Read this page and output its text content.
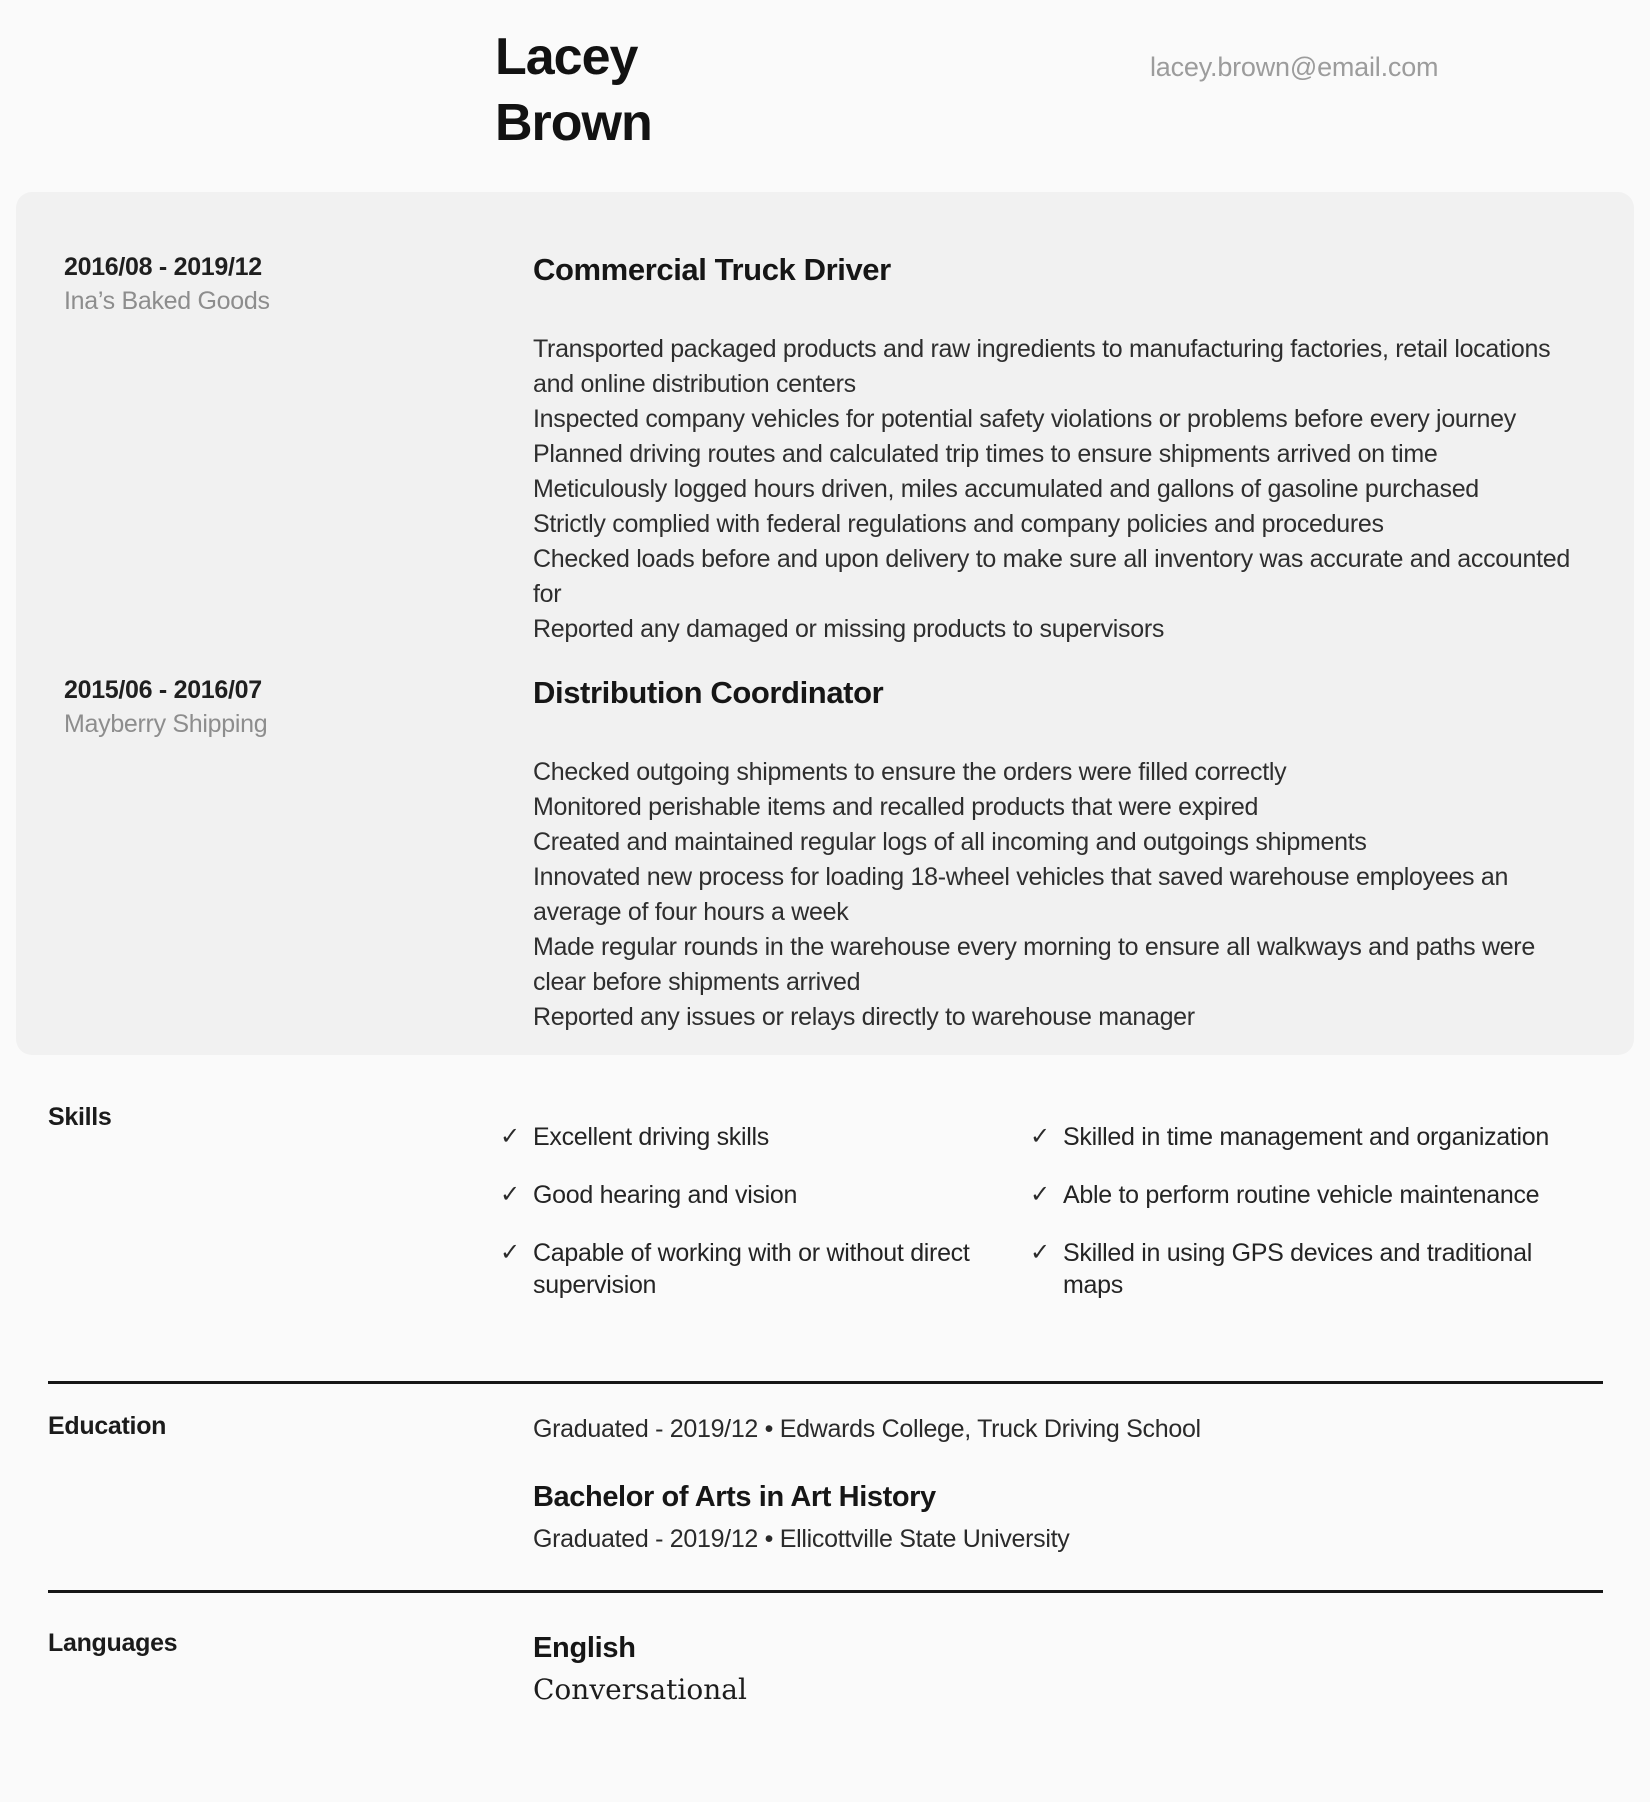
Lacey
Brown
lacey.brown@email.com
2016/08 - 2019/12
Ina’s Baked Goods
Commercial Truck Driver
Transported packaged products and raw ingredients to manufacturing factories, retail locations and online distribution centers
Inspected company vehicles for potential safety violations or problems before every journey
Planned driving routes and calculated trip times to ensure shipments arrived on time
Meticulously logged hours driven, miles accumulated and gallons of gasoline purchased
Strictly complied with federal regulations and company policies and procedures
Checked loads before and upon delivery to make sure all inventory was accurate and accounted for
Reported any damaged or missing products to supervisors
2015/06 - 2016/07
Mayberry Shipping
Distribution Coordinator
Checked outgoing shipments to ensure the orders were filled correctly
Monitored perishable items and recalled products that were expired
Created and maintained regular logs of all incoming and outgoings shipments
Innovated new process for loading 18-wheel vehicles that saved warehouse employees an average of four hours a week
Made regular rounds in the warehouse every morning to ensure all walkways and paths were clear before shipments arrived
Reported any issues or relays directly to warehouse manager
Skills
✓ Excellent driving skills
✓ Good hearing and vision
✓ Capable of working with or without direct supervision
✓ Skilled in time management and organization
✓ Able to perform routine vehicle maintenance
✓ Skilled in using GPS devices and traditional maps
Education	Graduated - 2019/12 • Edwards College, Truck Driving School
Bachelor of Arts in Art History
Graduated - 2019/12 • Ellicottville State University
Languages	English
Conversational
